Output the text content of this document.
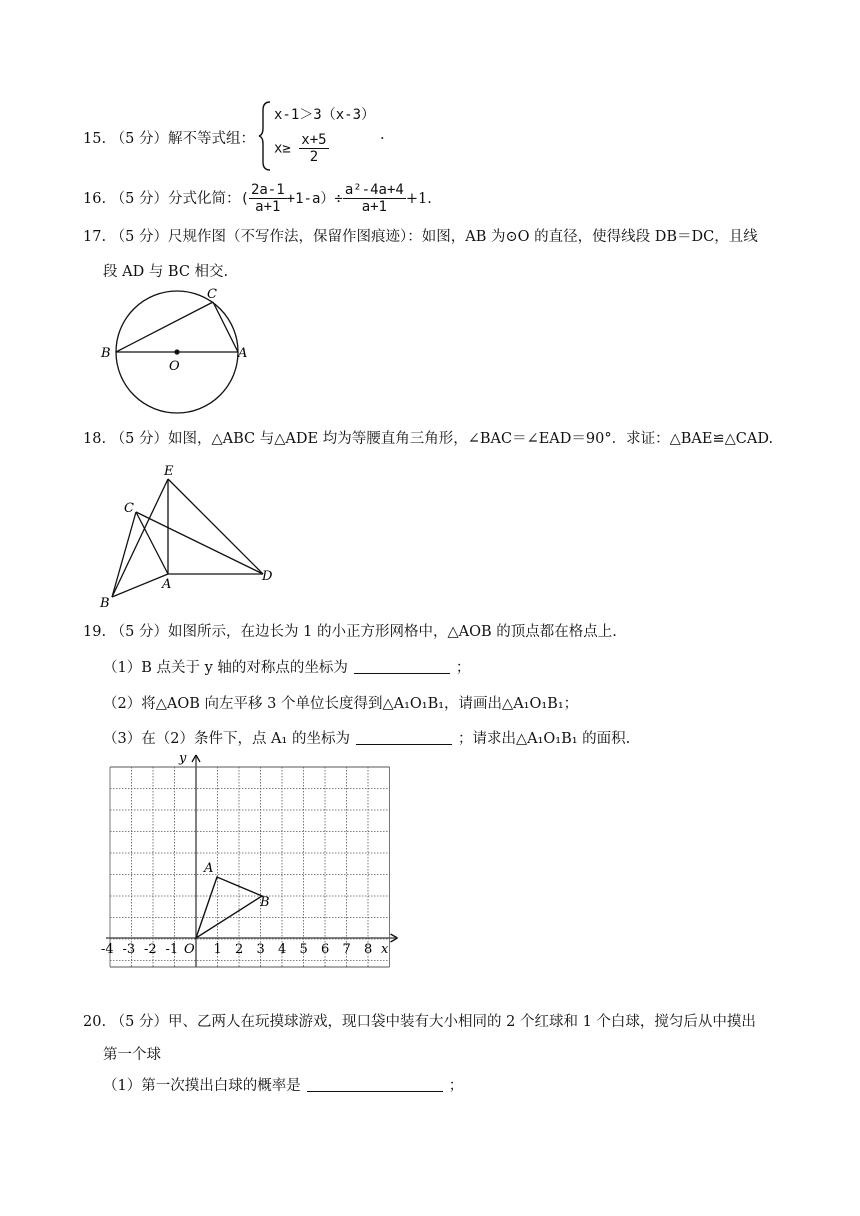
15. （5 分）解不等式组：
x-1＞3（x-3）
$x\ge \frac{x+5}{2}$	.
16. （5 分）分式化简：( $\frac{2a-1}{a+1} +1-a)\div \frac{\text{a²-4a+4}}{a+1} +1$.
17. （5 分）尺规作图（不写作法，保留作图痕迹）：如图，AB 为⊙O 的直径，使得线段 DB＝DC，且线
段 AD 与 BC 相交.
B	A
C
O
18. （5 分）如图，△ABC 与△ADE 均为等腰直角三角形，∠BAC＝∠EAD＝90°．求证：△BAE≌△CAD.
E
C
A
D
B
19. （5 分）如图所示，在边长为 1 的小正方形网格中，△AOB 的顶点都在格点上.
（1）B 点关于 y 轴的对称点的坐标为	；
（2）将△AOB 向左平移 3 个单位长度得到△A₁O₁B₁，请画出△A₁O₁B₁；
（3）在（2）条件下，点 A₁ 的坐标为	；请求出△A₁O₁B₁ 的面积.
-4 -3 -2 -1 O 1 2 3 4 5 6 7 8
A
B
x
y
20. （5 分）甲、乙两人在玩摸球游戏，现口袋中装有大小相同的 2 个红球和 1 个白球，搅匀后从中摸出
第一个球
（1）第一次摸出白球的概率是	；
